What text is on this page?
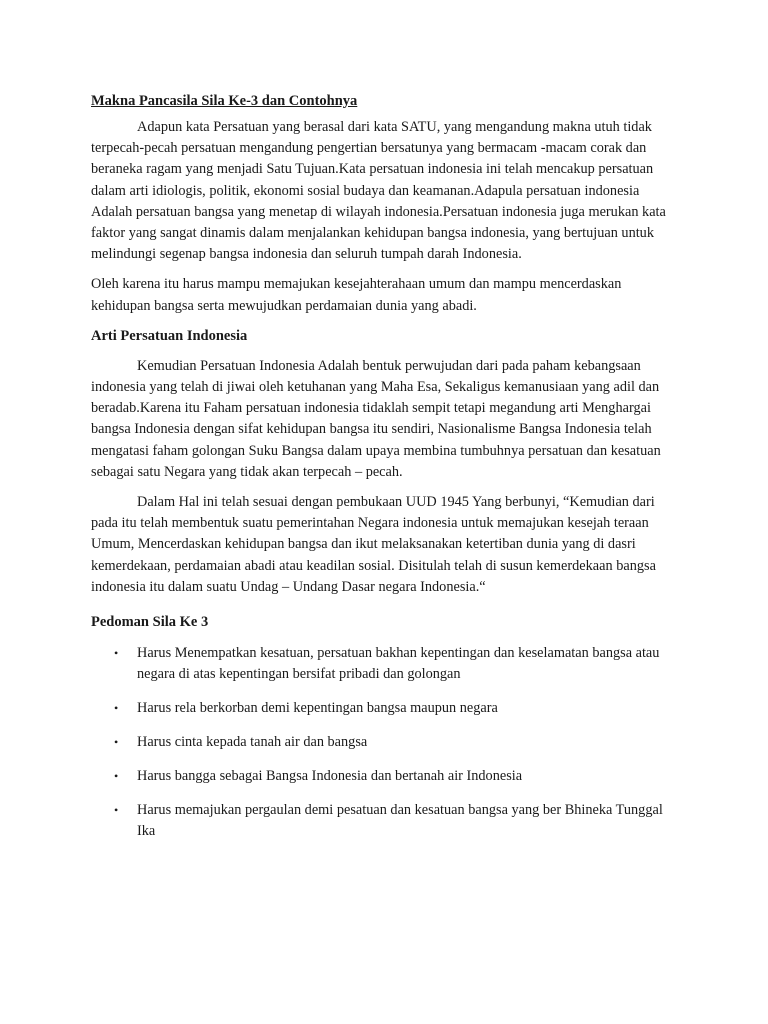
Makna Pancasila Sila Ke-3 dan Contohnya

Adapun kata Persatuan yang berasal dari kata SATU, yang mengandung makna utuh tidak terpecah-pecah persatuan mengandung pengertian bersatunya yang bermacam -macam corak dan beraneka ragam yang menjadi Satu Tujuan.Kata persatuan indonesia ini telah mencakup persatuan dalam arti idiologis, politik, ekonomi sosial budaya dan keamanan.Adapula persatuan indonesia Adalah persatuan bangsa yang menetap di wilayah indonesia.Persatuan indonesia juga merukan kata faktor yang sangat dinamis dalam menjalankan kehidupan bangsa indonesia, yang bertujuan untuk melindungi segenap bangsa indonesia dan seluruh tumpah darah Indonesia.

Oleh karena itu harus mampu memajukan kesejahterahaan umum dan mampu mencerdaskan kehidupan bangsa serta mewujudkan perdamaian dunia yang abadi.

Arti Persatuan Indonesia

Kemudian Persatuan Indonesia Adalah bentuk perwujudan dari pada paham kebangsaan indonesia yang telah di jiwai oleh ketuhanan yang Maha Esa, Sekaligus kemanusiaan yang adil dan beradab.Karena itu Faham persatuan indonesia tidaklah sempit tetapi megandung arti Menghargai bangsa Indonesia dengan sifat kehidupan bangsa itu sendiri, Nasionalisme Bangsa Indonesia telah mengatasi faham golongan Suku Bangsa dalam upaya membina tumbuhnya persatuan dan kesatuan sebagai satu Negara yang tidak akan terpecah – pecah.

Dalam Hal ini telah sesuai dengan pembukaan UUD 1945 Yang berbunyi, “Kemudian dari pada itu telah membentuk suatu pemerintahan Negara indonesia untuk memajukan kesejah teraan Umum, Mencerdaskan kehidupan bangsa dan ikut melaksanakan ketertiban dunia yang di dasri kemerdekaan, perdamaian abadi atau keadilan sosial. Disitulah telah di susun kemerdekaan bangsa indonesia itu dalam suatu Undag – Undang Dasar negara Indonesia.“

Pedoman Sila Ke 3
• Harus Menempatkan kesatuan, persatuan bakhan kepentingan dan keselamatan bangsa atau negara di atas kepentingan bersifat pribadi dan golongan
• Harus rela berkorban demi kepentingan bangsa maupun negara
• Harus cinta kepada tanah air dan bangsa
• Harus bangga sebagai Bangsa Indonesia dan bertanah air Indonesia
• Harus memajukan pergaulan demi pesatuan dan kesatuan bangsa yang ber Bhineka Tunggal Ika
